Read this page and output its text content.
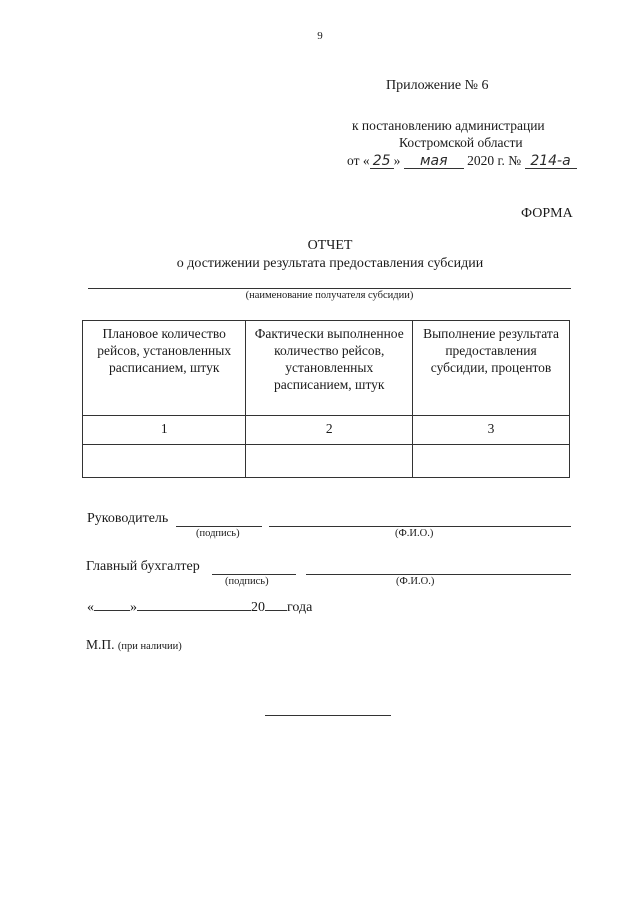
9
Приложение № 6
к постановлению администрации
Костромской области
от « 25 » мая 2020 г. № 214-а
ФОРМА
ОТЧЕТ
о достижении результата предоставления субсидии
(наименование получателя субсидии)
Плановое количество рейсов, установленных расписанием, штук	Фактически выполненное количество рейсов, установленных расписанием, штук	Выполнение результата предоставления субсидии, процентов
1	2	3

Руководитель
(подпись)	(Ф.И.О.)
Главный бухгалтер
(подпись)	(Ф.И.О.)
«	»	20 года
М.П. (при наличии)
